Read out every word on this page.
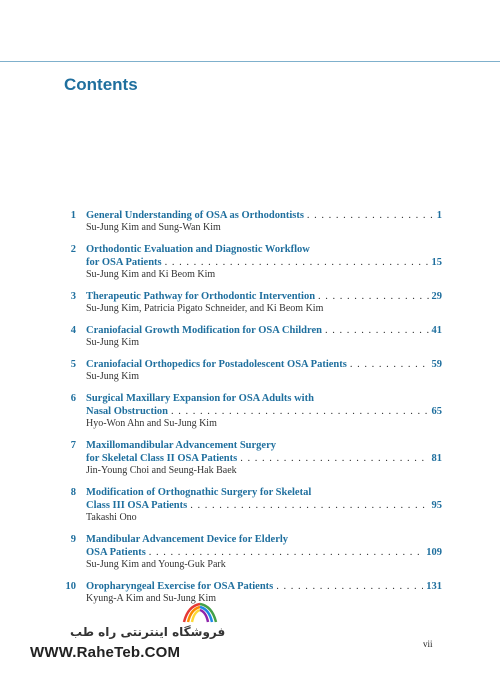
Contents
1 General Understanding of OSA as Orthodontists . . .	1
Su-Jung Kim and Sung-Wan Kim
2 Orthodontic Evaluation and Diagnostic Workflow
for OSA Patients . . .	15
Su-Jung Kim and Ki Beom Kim
3 Therapeutic Pathway for Orthodontic Intervention . . .	29
Su-Jung Kim, Patricia Pigato Schneider, and Ki Beom Kim
4 Craniofacial Growth Modification for OSA Children . . .	41
Su-Jung Kim
5 Craniofacial Orthopedics for Postadolescent OSA Patients . . .	59
Su-Jung Kim
6 Surgical Maxillary Expansion for OSA Adults with
Nasal Obstruction . . .	65
Hyo-Won Ahn and Su-Jung Kim
7 Maxillomandibular Advancement Surgery
for Skeletal Class II OSA Patients . . .	81
Jin-Young Choi and Seung-Hak Baek
8 Modification of Orthognathic Surgery for Skeletal
Class III OSA Patients . . .	95
Takashi Ono
9 Mandibular Advancement Device for Elderly
OSA Patients . . .	109
Su-Jung Kim and Young-Guk Park
10 Oropharyngeal Exercise for OSA Patients . . .	131
Kyung-A Kim and Su-Jung Kim
vii
فروشگاه اینترنتی راه طب
WWW.RaheTeb.COM
